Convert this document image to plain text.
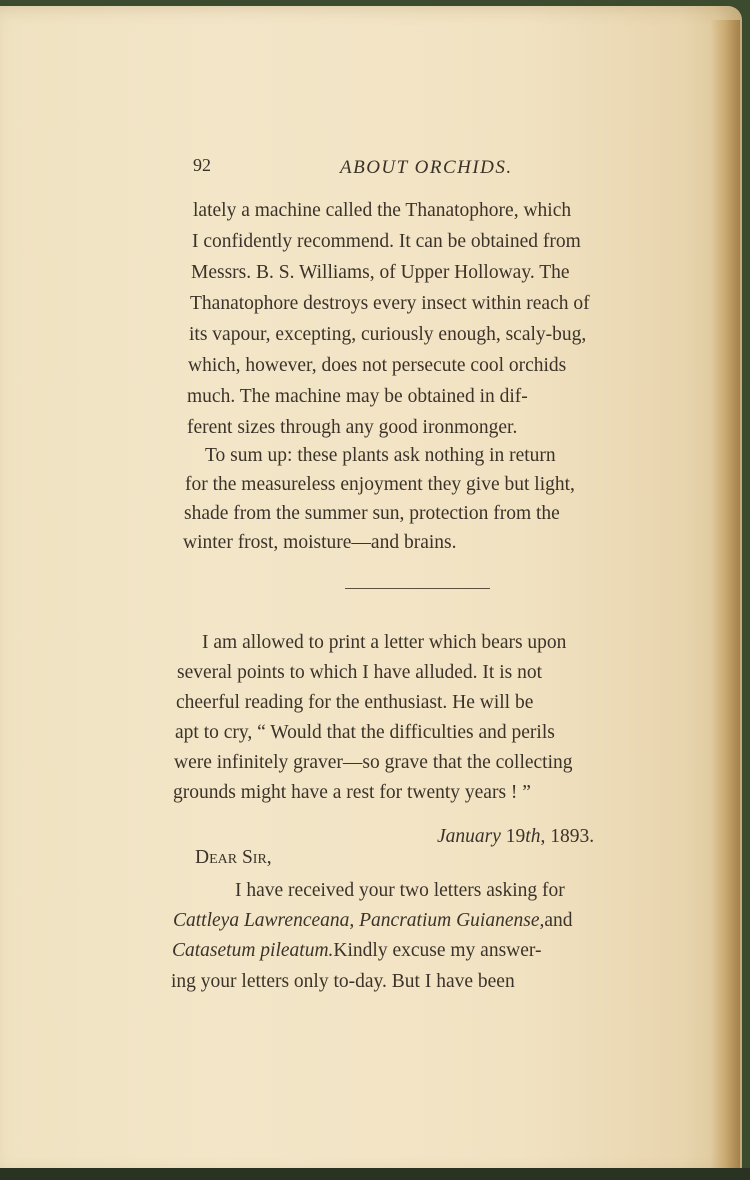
92	ABOUT ORCHIDS.
lately a machine called the Thanatophore, which
I confidently recommend. It can be obtained from
Messrs. B. S. Williams, of Upper Holloway. The
Thanatophore destroys every insect within reach of
its vapour, excepting, curiously enough, scaly-bug,
which, however, does not persecute cool orchids
much. The machine may be obtained in dif-
ferent sizes through any good ironmonger.
To sum up: these plants ask nothing in return
for the measureless enjoyment they give but light,
shade from the summer sun, protection from the
winter frost, moisture—and brains.
I am allowed to print a letter which bears upon
several points to which I have alluded. It is not
cheerful reading for the enthusiast. He will be
apt to cry, “ Would that the difficulties and perils
were infinitely graver—so grave that the collecting
grounds might have a rest for twenty years ! ”
January 19th, 1893.
Dear Sir,
I have received your two letters asking for
Cattleya Lawrenceana, Pancratium Guianense,and
Catasetum pileatum.Kindly excuse my answer-
ing your letters only to-day. But I have been
